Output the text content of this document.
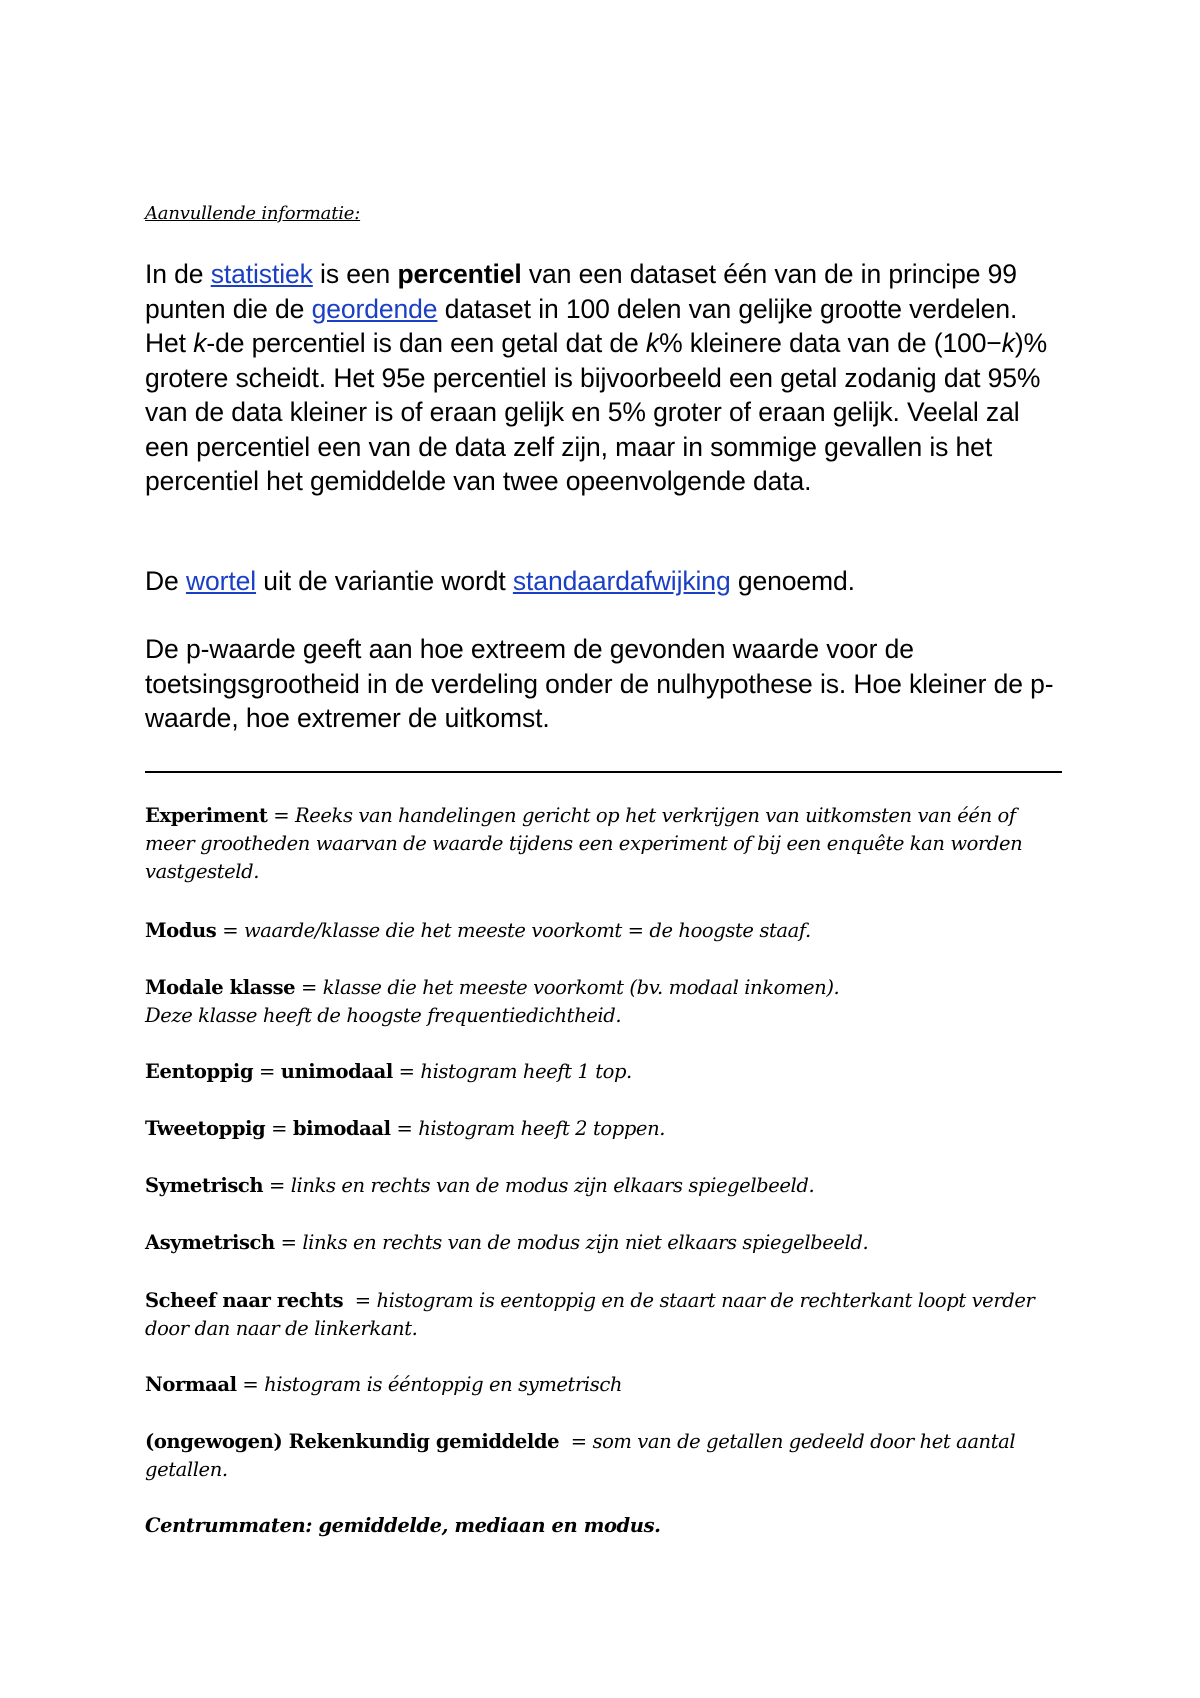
Aanvullende informatie:
In de statistiek is een percentiel van een dataset één van de in principe 99 punten die de geordende dataset in 100 delen van gelijke grootte verdelen. Het k-de percentiel is dan een getal dat de k% kleinere data van de (100−k)% grotere scheidt. Het 95e percentiel is bijvoorbeeld een getal zodanig dat 95% van de data kleiner is of eraan gelijk en 5% groter of eraan gelijk. Veelal zal een percentiel een van de data zelf zijn, maar in sommige gevallen is het percentiel het gemiddelde van twee opeenvolgende data.
De wortel uit de variantie wordt standaardafwijking genoemd.
De p-waarde geeft aan hoe extreem de gevonden waarde voor de toetsingsgrootheid in de verdeling onder de nulhypothese is. Hoe kleiner de p-waarde, hoe extremer de uitkomst.
Experiment = Reeks van handelingen gericht op het verkrijgen van uitkomsten van één of meer grootheden waarvan de waarde tijdens een experiment of bij een enquête kan worden vastgesteld.
Modus = waarde/klasse die het meeste voorkomt = de hoogste staaf.
Modale klasse = klasse die het meeste voorkomt (bv. modaal inkomen).
Deze klasse heeft de hoogste frequentiedichtheid.
Eentoppig = unimodaal = histogram heeft 1 top.
Tweetoppig = bimodaal = histogram heeft 2 toppen.
Symetrisch = links en rechts van de modus zijn elkaars spiegelbeeld.
Asymetrisch = links en rechts van de modus zijn niet elkaars spiegelbeeld.
Scheef naar rechts  = histogram is eentoppig en de staart naar de rechterkant loopt verder door dan naar de linkerkant.
Normaal = histogram is ééntoppig en symetrisch
(ongewogen) Rekenkundig gemiddelde  = som van de getallen gedeeld door het aantal getallen.
Centrummaten: gemiddelde, mediaan en modus.
